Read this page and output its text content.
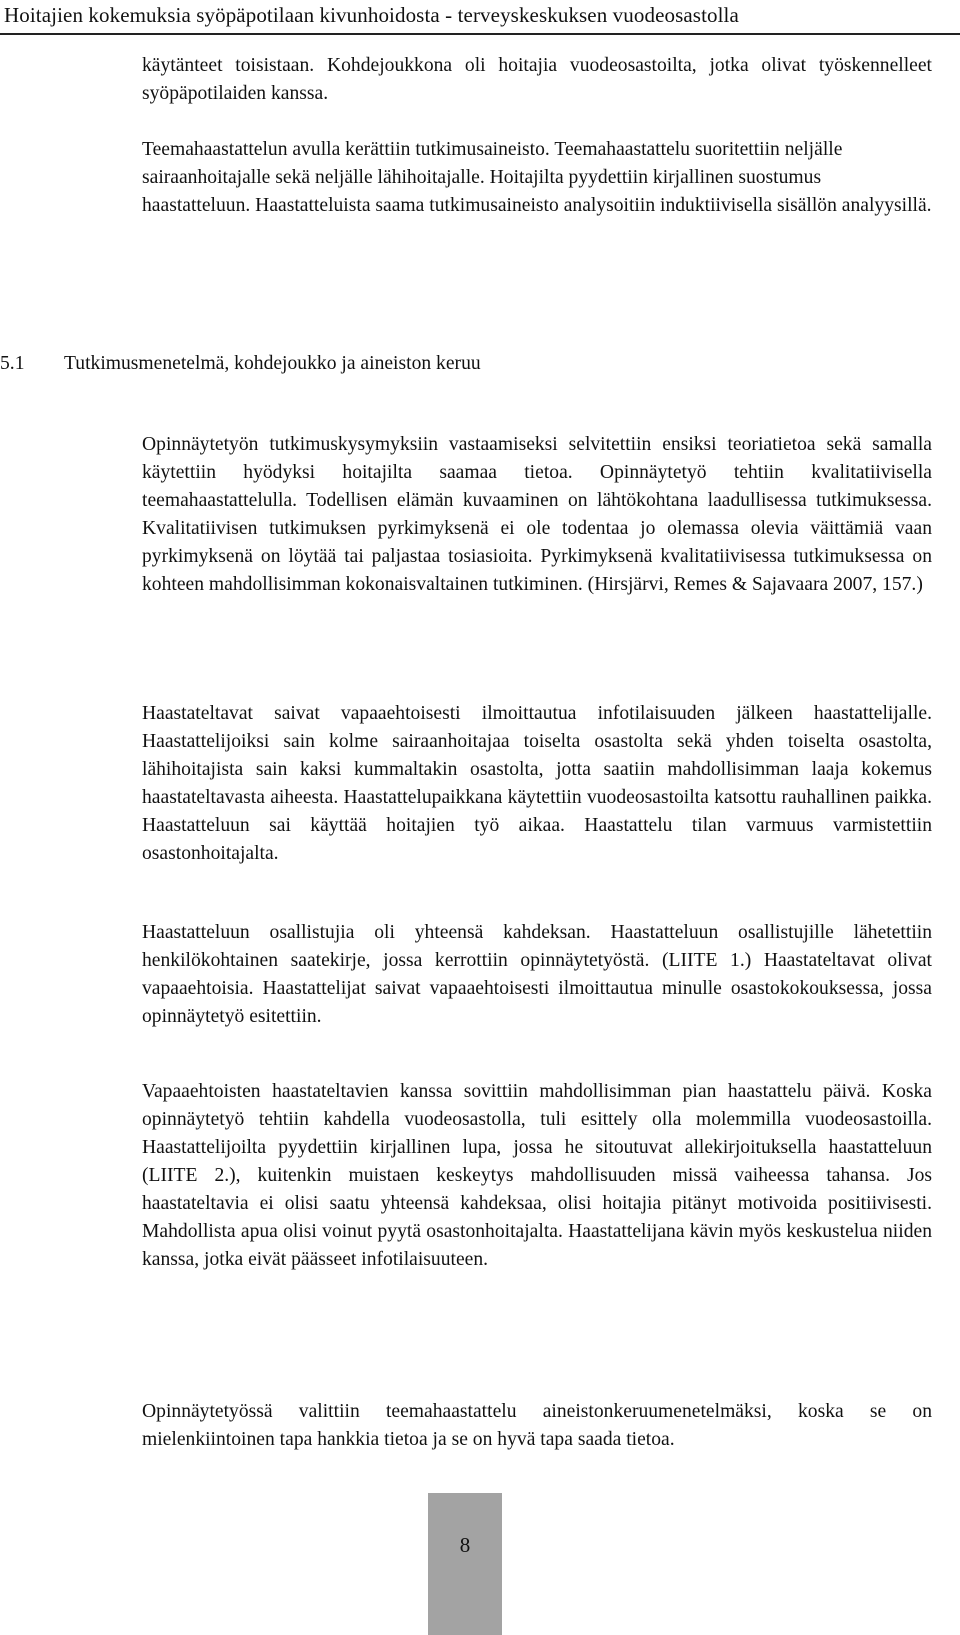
Hoitajien kokemuksia syöpäpotilaan kivunhoidosta - terveyskeskuksen vuodeosastolla

käytänteet toisistaan. Kohdejoukkona oli hoitajia vuodeosastoilta, jotka olivat työskennelleet syöpäpotilaiden kanssa.

Teemahaastattelun avulla kerättiin tutkimusaineisto. Teemahaastattelu suoritettiin neljälle sairaanhoitajalle sekä neljälle lähihoitajalle. Hoitajilta pyydettiin kirjallinen suostumus haastatteluun. Haastatteluista saama tutkimusaineisto analysoitiin induktiivisella sisällön analyysillä.

5.1 Tutkimusmenetelmä, kohdejoukko ja aineiston keruu

Opinnäytetyön tutkimuskysymyksiin vastaamiseksi selvitettiin ensiksi teoriatietoa sekä samalla käytettiin hyödyksi hoitajilta saamaa tietoa. Opinnäytetyö tehtiin kvalitatiivisella teemahaastattelulla. Todellisen elämän kuvaaminen on lähtökohtana laadullisessa tutkimuksessa. Kvalitatiivisen tutkimuksen pyrkimyksenä ei ole todentaa jo olemassa olevia väittämiä vaan pyrkimyksenä on löytää tai paljastaa tosiasioita. Pyrkimyksenä kvalitatiivisessa tutkimuksessa on kohteen mahdollisimman kokonaisvaltainen tutkiminen. (Hirsjärvi, Remes & Sajavaara 2007, 157.)

Haastateltavat saivat vapaaehtoisesti ilmoittautua infotilaisuuden jälkeen haastattelijalle. Haastattelijoiksi sain kolme sairaanhoitajaa toiselta osastolta sekä yhden toiselta osastolta, lähihoitajista sain kaksi kummaltakin osastolta, jotta saatiin mahdollisimman laaja kokemus haastateltavasta aiheesta. Haastattelupaikkana käytettiin vuodeosastoilta katsottu rauhallinen paikka. Haastatteluun sai käyttää hoitajien työ aikaa. Haastattelu tilan varmuus varmistettiin osastonhoitajalta.

Haastatteluun osallistujia oli yhteensä kahdeksan. Haastatteluun osallistujille lähetettiin henkilökohtainen saatekirje, jossa kerrottiin opinnäytetyöstä. (LIITE 1.) Haastateltavat olivat vapaaehtoisia. Haastattelijat saivat vapaaehtoisesti ilmoittautua minulle osastokokouksessa, jossa opinnäytetyö esitettiin.

Vapaaehtoisten haastateltavien kanssa sovittiin mahdollisimman pian haastattelu päivä. Koska opinnäytetyö tehtiin kahdella vuodeosastolla, tuli esittely olla molemmilla vuodeosastoilla. Haastattelijoilta pyydettiin kirjallinen lupa, jossa he sitoutuvat allekirjoituksella haastatteluun (LIITE 2.), kuitenkin muistaen keskeytys mahdollisuuden missä vaiheessa tahansa. Jos haastateltavia ei olisi saatu yhteensä kahdeksaa, olisi hoitajia pitänyt motivoida positiivisesti. Mahdollista apua olisi voinut pyytä osastonhoitajalta. Haastattelijana kävin myös keskustelua niiden kanssa, jotka eivät päässeet infotilaisuuteen.

Opinnäytetyössä valittiin teemahaastattelu aineistonkeruumenetelmäksi, koska se on mielenkiintoinen tapa hankkia tietoa ja se on hyvä tapa saada tietoa.

8
